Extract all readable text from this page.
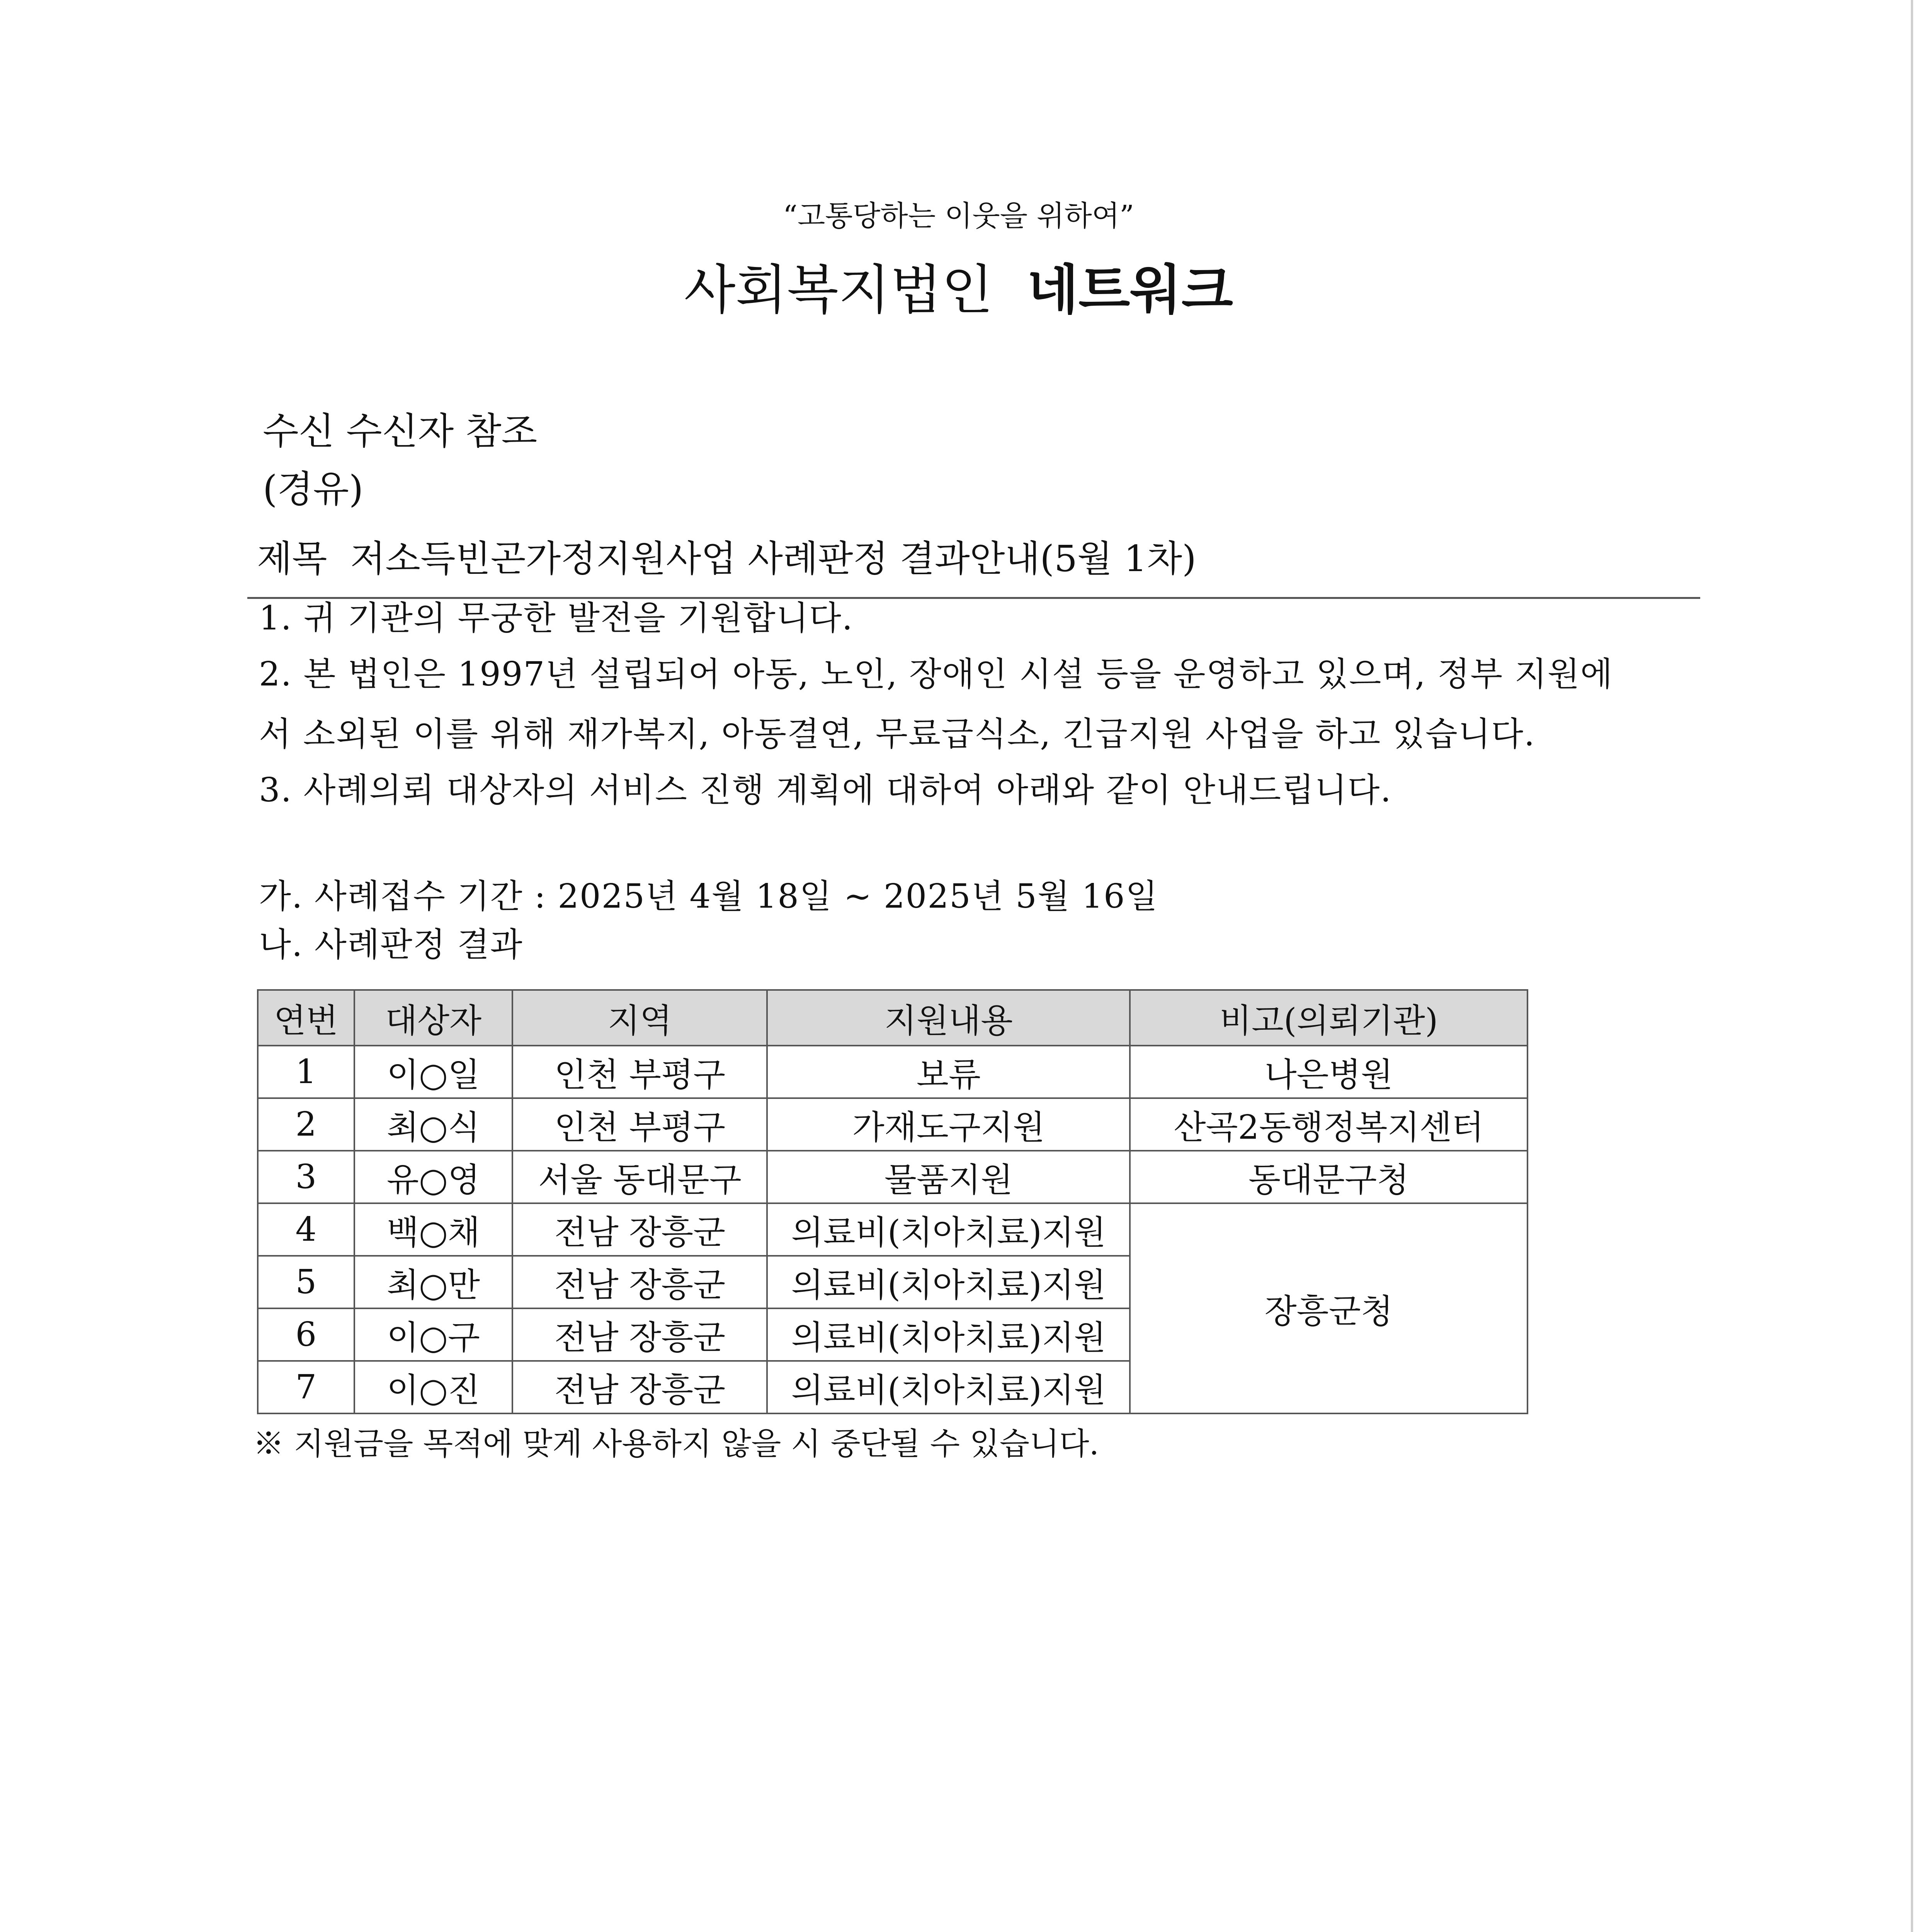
“고통당하는 이웃을 위하여”
사회복지법인 네트워크
수신 수신자 참조
(경유)
제목 저소득빈곤가정지원사업 사례판정 결과안내(5월 1차)
1. 귀 기관의 무궁한 발전을 기원합니다.
2. 본 법인은 1997년 설립되어 아동, 노인, 장애인 시설 등을 운영하고 있으며, 정부 지원에
서 소외된 이를 위해 재가복지, 아동결연, 무료급식소, 긴급지원 사업을 하고 있습니다.
3. 사례의뢰 대상자의 서비스 진행 계획에 대하여 아래와 같이 안내드립니다.
가. 사례접수 기간 : 2025년 4월 18일 ~ 2025년 5월 16일
나. 사례판정 결과
연번	대상자	지역	지원내용	비고(의뢰기관)
1	이○일	인천 부평구	보류	나은병원
2	최○식	인천 부평구	가재도구지원	산곡2동행정복지센터
3	유○영	서울 동대문구	물품지원	동대문구청
4	백○채	전남 장흥군	의료비(치아치료)지원	장흥군청
5	최○만	전남 장흥군	의료비(치아치료)지원	
6	이○구	전남 장흥군	의료비(치아치료)지원	
7	이○진	전남 장흥군	의료비(치아치료)지원	
※ 지원금을 목적에 맞게 사용하지 않을 시 중단될 수 있습니다.
